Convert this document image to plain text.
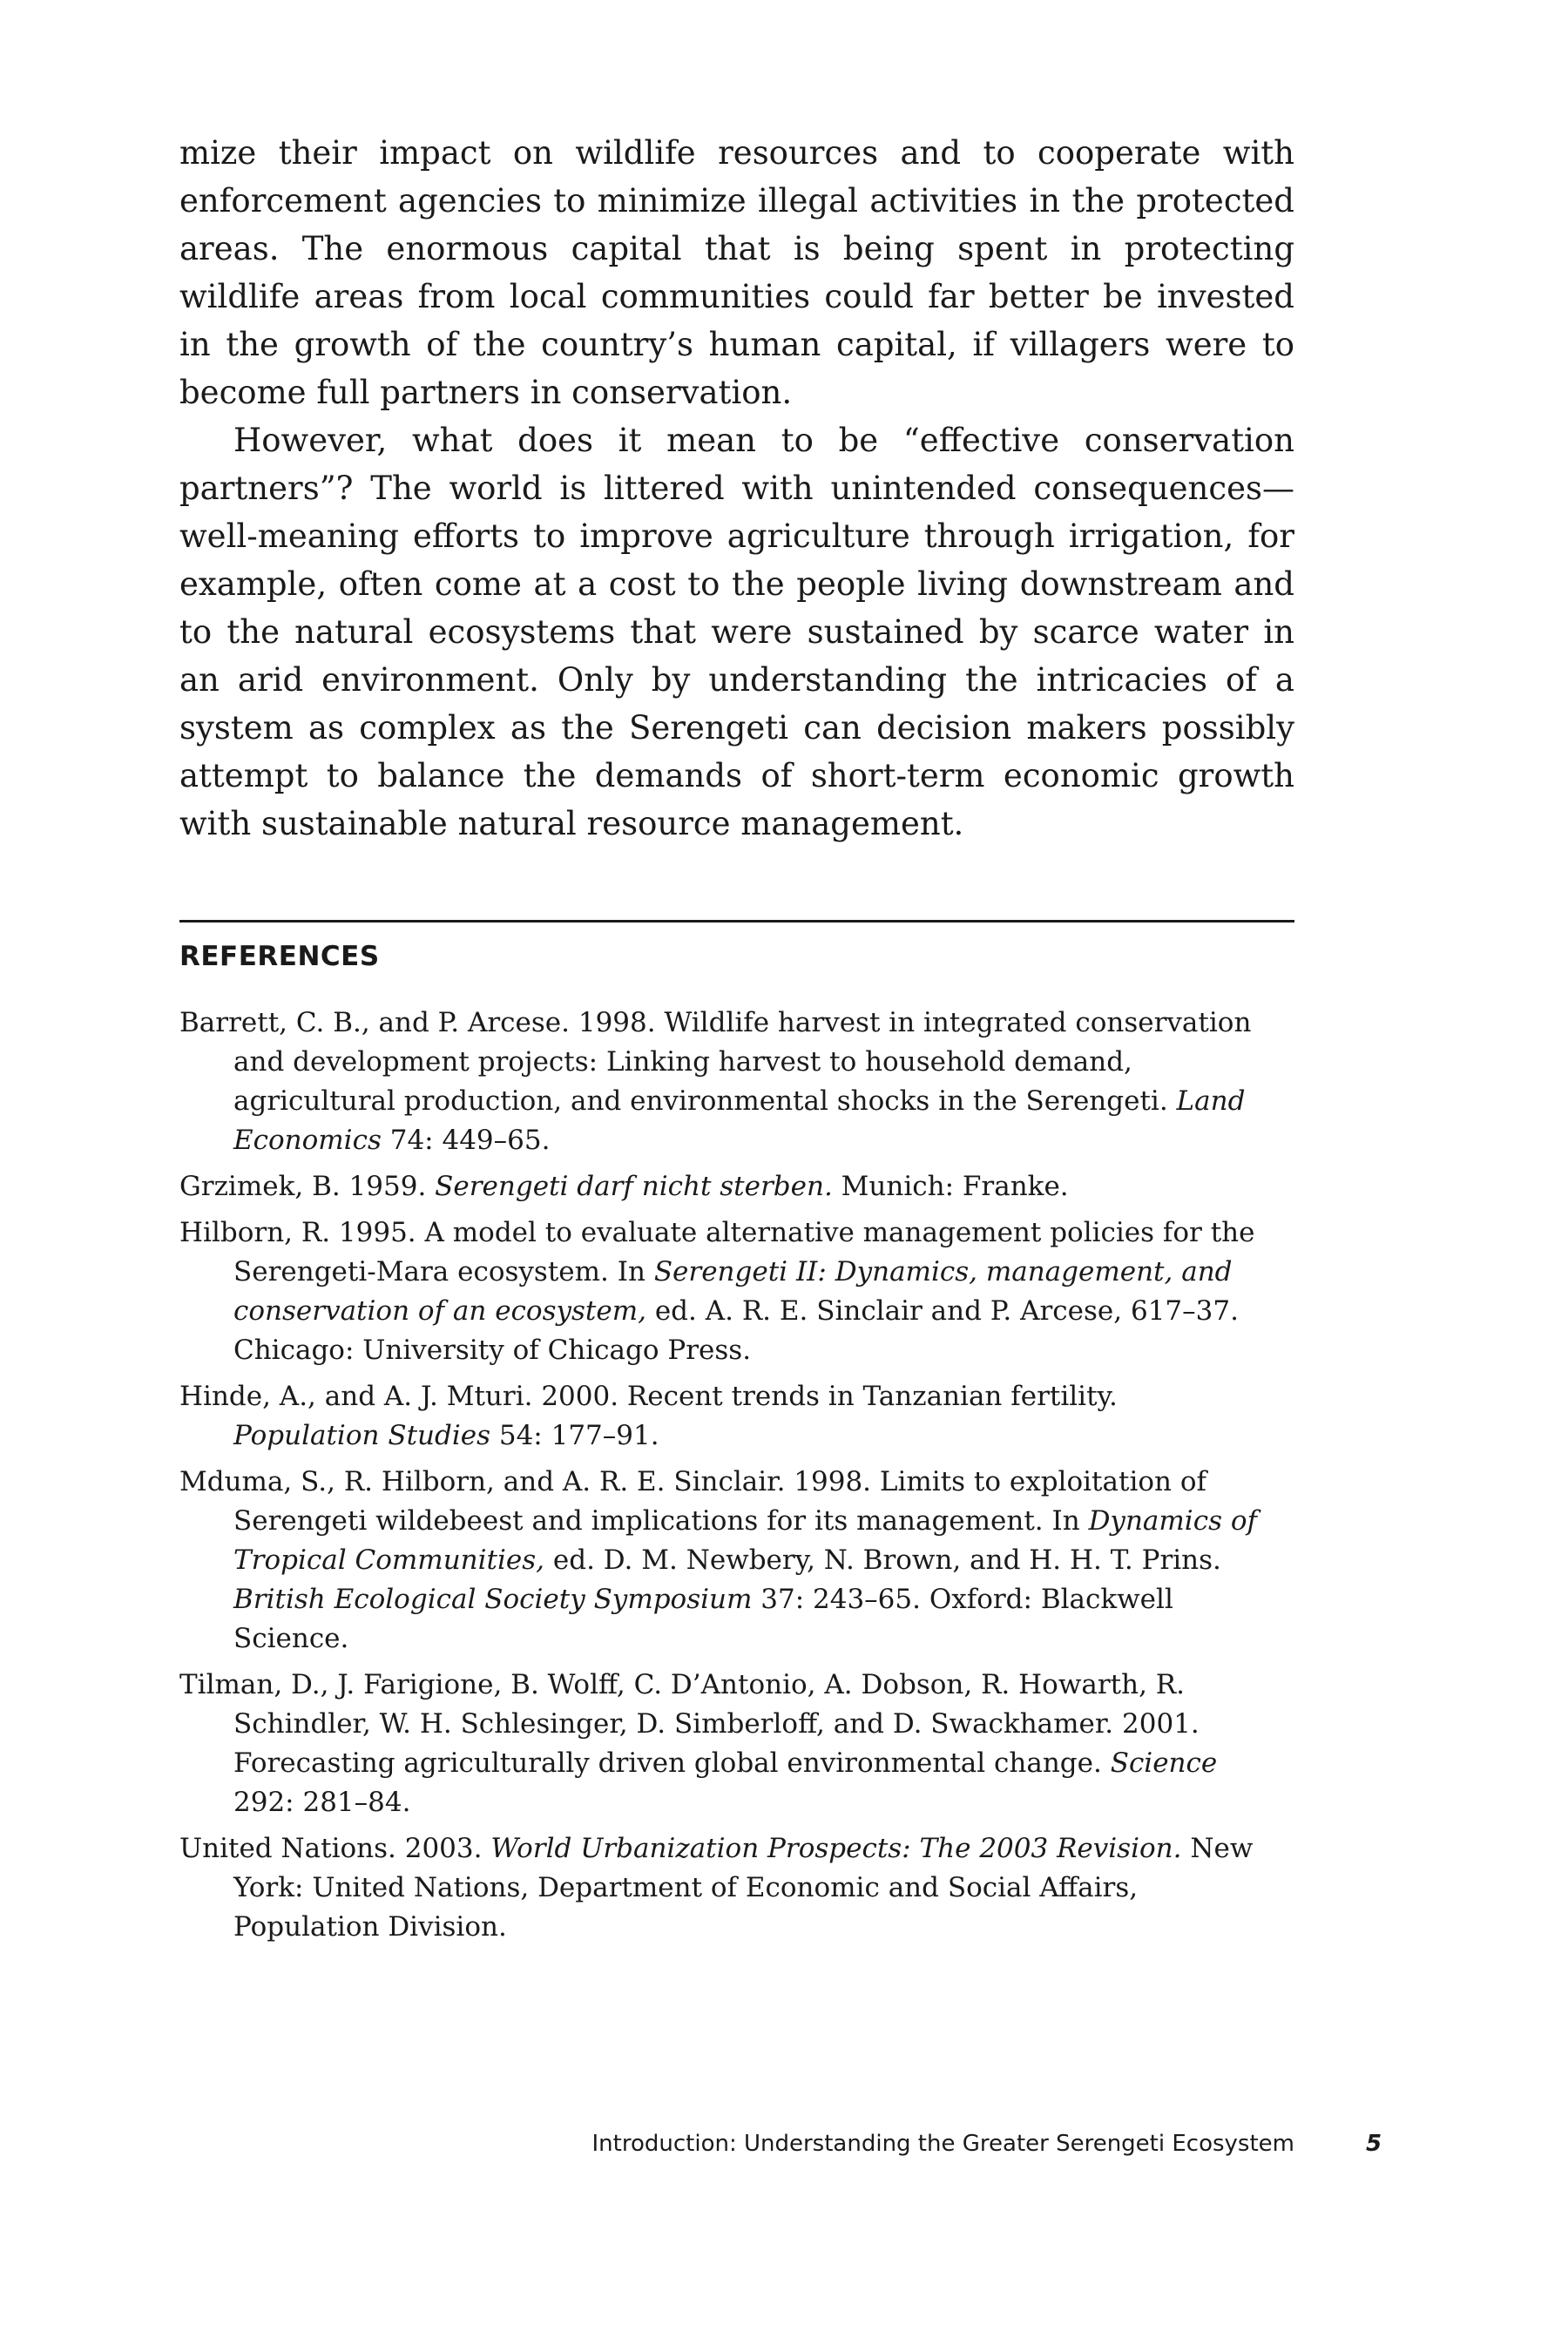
mize their impact on wildlife resources and to cooperate with enforcement agencies to minimize illegal activities in the protected areas. The enormous capital that is being spent in protecting wildlife areas from local communities could far better be invested in the growth of the country’s human capital, if villagers were to become full partners in conservation.

However, what does it mean to be “effective conservation partners”? The world is littered with unintended consequences—well-meaning efforts to improve agriculture through irrigation, for example, often come at a cost to the people living downstream and to the natural ecosystems that were sustained by scarce water in an arid environment. Only by understanding the intricacies of a system as complex as the Serengeti can decision makers possibly attempt to balance the demands of short-term economic growth with sustainable natural resource management.

REFERENCES
Barrett, C. B., and P. Arcese. 1998. Wildlife harvest in integrated conservation and development projects: Linking harvest to household demand, agricultural production, and environmental shocks in the Serengeti. Land Economics 74: 449–65.
Grzimek, B. 1959. Serengeti darf nicht sterben. Munich: Franke.
Hilborn, R. 1995. A model to evaluate alternative management policies for the Serengeti-Mara ecosystem. In Serengeti II: Dynamics, management, and conservation of an ecosystem, ed. A. R. E. Sinclair and P. Arcese, 617–37. Chicago: University of Chicago Press.
Hinde, A., and A. J. Mturi. 2000. Recent trends in Tanzanian fertility. Population Studies 54: 177–91.
Mduma, S., R. Hilborn, and A. R. E. Sinclair. 1998. Limits to exploitation of Serengeti wildebeest and implications for its management. In Dynamics of Tropical Communities, ed. D. M. Newbery, N. Brown, and H. H. T. Prins. British Ecological Society Symposium 37: 243–65. Oxford: Blackwell Science.
Tilman, D., J. Farigione, B. Wolff, C. D’Antonio, A. Dobson, R. Howarth, R. Schindler, W. H. Schlesinger, D. Simberloff, and D. Swackhamer. 2001. Forecasting agriculturally driven global environmental change. Science 292: 281–84.
United Nations. 2003. World Urbanization Prospects: The 2003 Revision. New York: United Nations, Department of Economic and Social Affairs, Population Division.
Introduction: Understanding the Greater Serengeti Ecosystem	5
